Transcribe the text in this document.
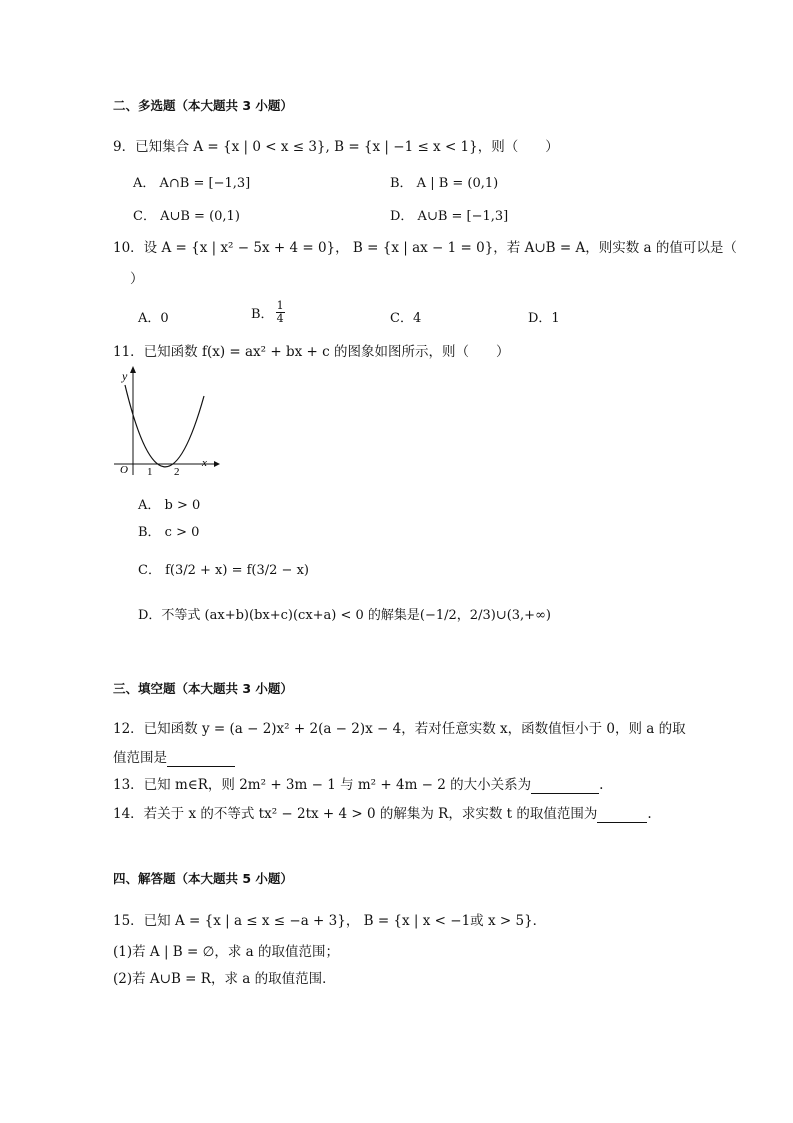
二、多选题（本大题共 3 小题）
9．已知集合 A = {x | 0 < x ≤ 3}, B = {x | −1 ≤ x < 1}，则（　　）
A． A∩B = [−1,3]	B． A | B = (0,1)
C． A∪B = (0,1)	D． A∪B = [−1,3]
10．设 A = {x | x² − 5x + 4 = 0}， B = {x | ax − 1 = 0}，若 A∪B = A，则实数 a 的值可以是（
）
A．0	B． $\frac{1}{4}$	C．4	D．1
11．已知函数 f(x) = ax² + bx + c 的图象如图所示，则（　　）
y
x
O 1 2
A． b > 0
B． c > 0
C． f(3/2 + x) = f(3/2 − x)
D．不等式 (ax+b)(bx+c)(cx+a) < 0 的解集是(−1/2，2/3)∪(3,+∞)
三、填空题（本大题共 3 小题）
12．已知函数 y = (a − 2)x² + 2(a − 2)x − 4，若对任意实数 x，函数值恒小于 0，则 a 的取
值范围是
13．已知 m∈R，则 2m² + 3m − 1 与 m² + 4m − 2 的大小关系为	.
14．若关于 x 的不等式 tx² − 2tx + 4 > 0 的解集为 R，求实数 t 的取值范围为	.
四、解答题（本大题共 5 小题）
15．已知 A = {x | a ≤ x ≤ −a + 3}， B = {x | x < −1或 x > 5}．
(1)若 A | B = ∅，求 a 的取值范围；
(2)若 A∪B = R，求 a 的取值范围．
